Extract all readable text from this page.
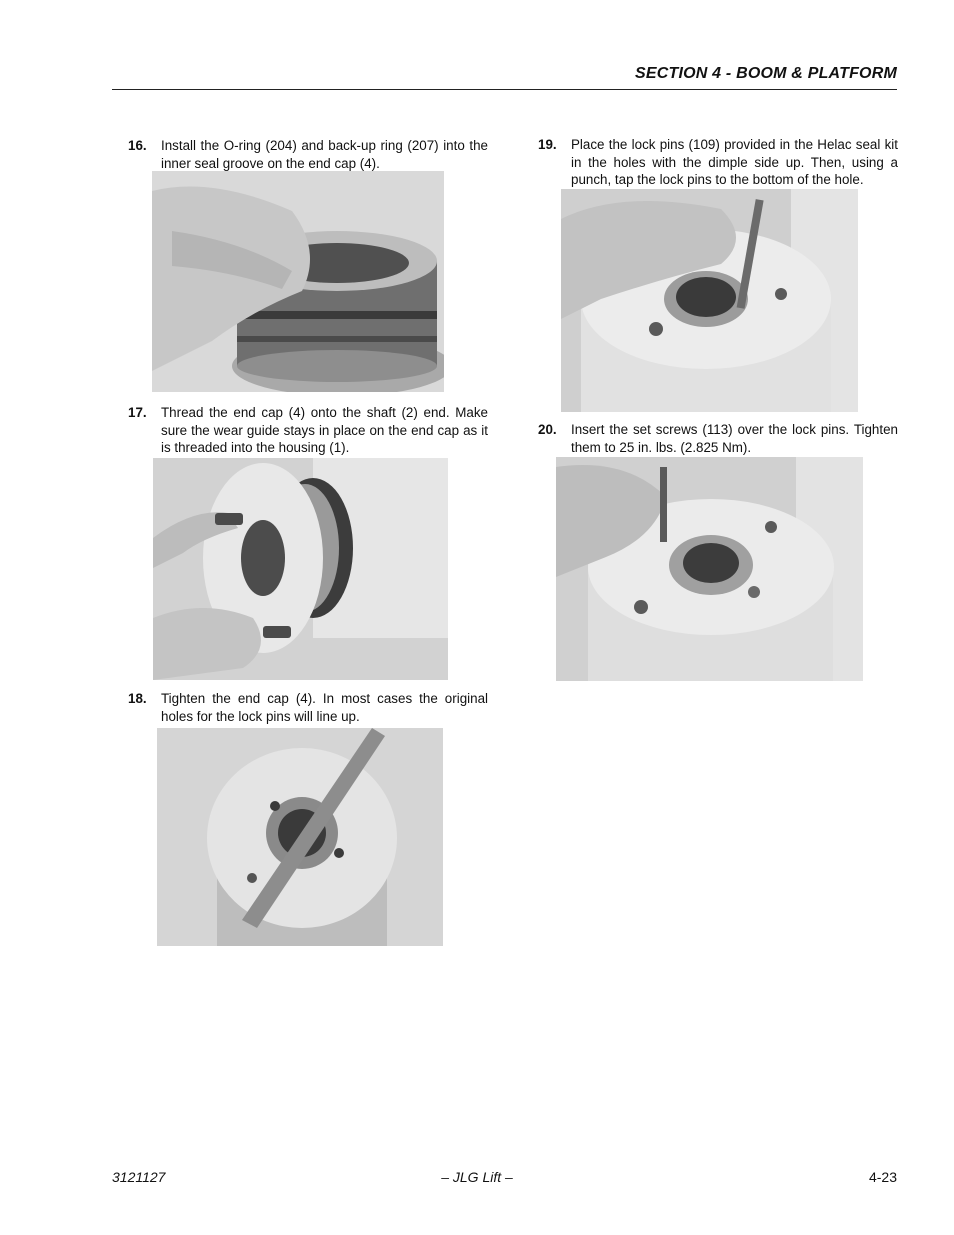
SECTION 4 - BOOM & PLATFORM
16. Install the O-ring (204) and back-up ring (207) into the inner seal groove on the end cap (4).
17. Thread the end cap (4) onto the shaft (2) end. Make sure the wear guide stays in place on the end cap as it is threaded into the housing (1).
18. Tighten the end cap (4). In most cases the original holes for the lock pins will line up.
19. Place the lock pins (109) provided in the Helac seal kit in the holes with the dimple side up. Then, using a punch, tap the lock pins to the bottom of the hole.
20. Insert the set screws (113) over the lock pins. Tighten them to 25 in. lbs. (2.825 Nm).
3121127	– JLG Lift –	4-23
